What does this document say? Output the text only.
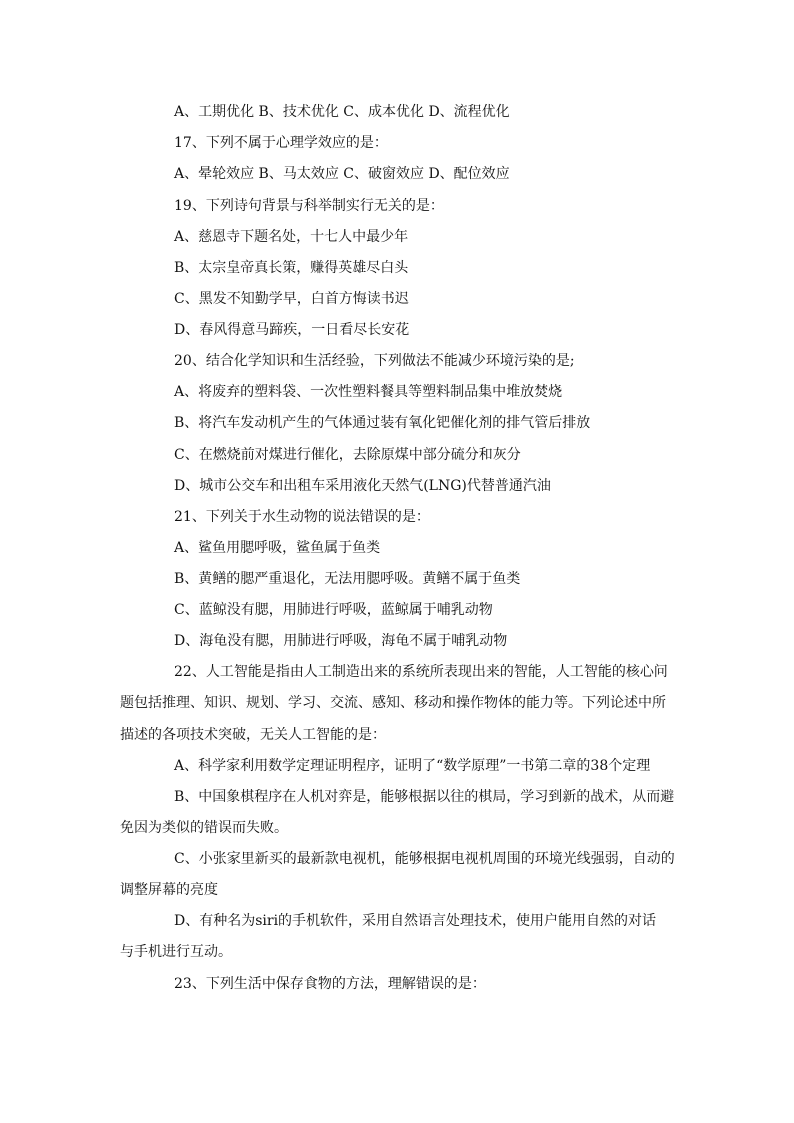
A、工期优化 B、技术优化 C、成本优化 D、流程优化
17、下列不属于心理学效应的是：
A、晕轮效应 B、马太效应 C、破窗效应 D、配位效应
19、下列诗句背景与科举制实行无关的是：
A、慈恩寺下题名处，十七人中最少年
B、太宗皇帝真长策，赚得英雄尽白头
C、黑发不知勤学早，白首方悔读书迟
D、春风得意马蹄疾，一日看尽长安花
20、结合化学知识和生活经验，下列做法不能减少环境污染的是;
A、将废弃的塑料袋、一次性塑料餐具等塑料制品集中堆放焚烧
B、将汽车发动机产生的气体通过装有氧化钯催化剂的排气管后排放
C、在燃烧前对煤进行催化，去除原煤中部分硫分和灰分
D、城市公交车和出租车采用液化天然气(LNG)代替普通汽油
21、下列关于水生动物的说法错误的是：
A、鲨鱼用腮呼吸，鲨鱼属于鱼类
B、黄鳝的腮严重退化，无法用腮呼吸。黄鳝不属于鱼类
C、蓝鲸没有腮，用肺进行呼吸，蓝鲸属于哺乳动物
D、海龟没有腮，用肺进行呼吸，海龟不属于哺乳动物
22、人工智能是指由人工制造出来的系统所表现出来的智能，人工智能的核心问
题包括推理、知识、规划、学习、交流、感知、移动和操作物体的能力等。下列论述中所
描述的各项技术突破，无关人工智能的是：
A、科学家利用数学定理证明程序，证明了“数学原理”一书第二章的38个定理
B、中国象棋程序在人机对弈是，能够根据以往的棋局，学习到新的战术，从而避
免因为类似的错误而失败。
C、小张家里新买的最新款电视机，能够根据电视机周围的环境光线强弱，自动的
调整屏幕的亮度
D、有种名为siri的手机软件，采用自然语言处理技术，使用户能用自然的对话
与手机进行互动。
23、下列生活中保存食物的方法，理解错误的是：
